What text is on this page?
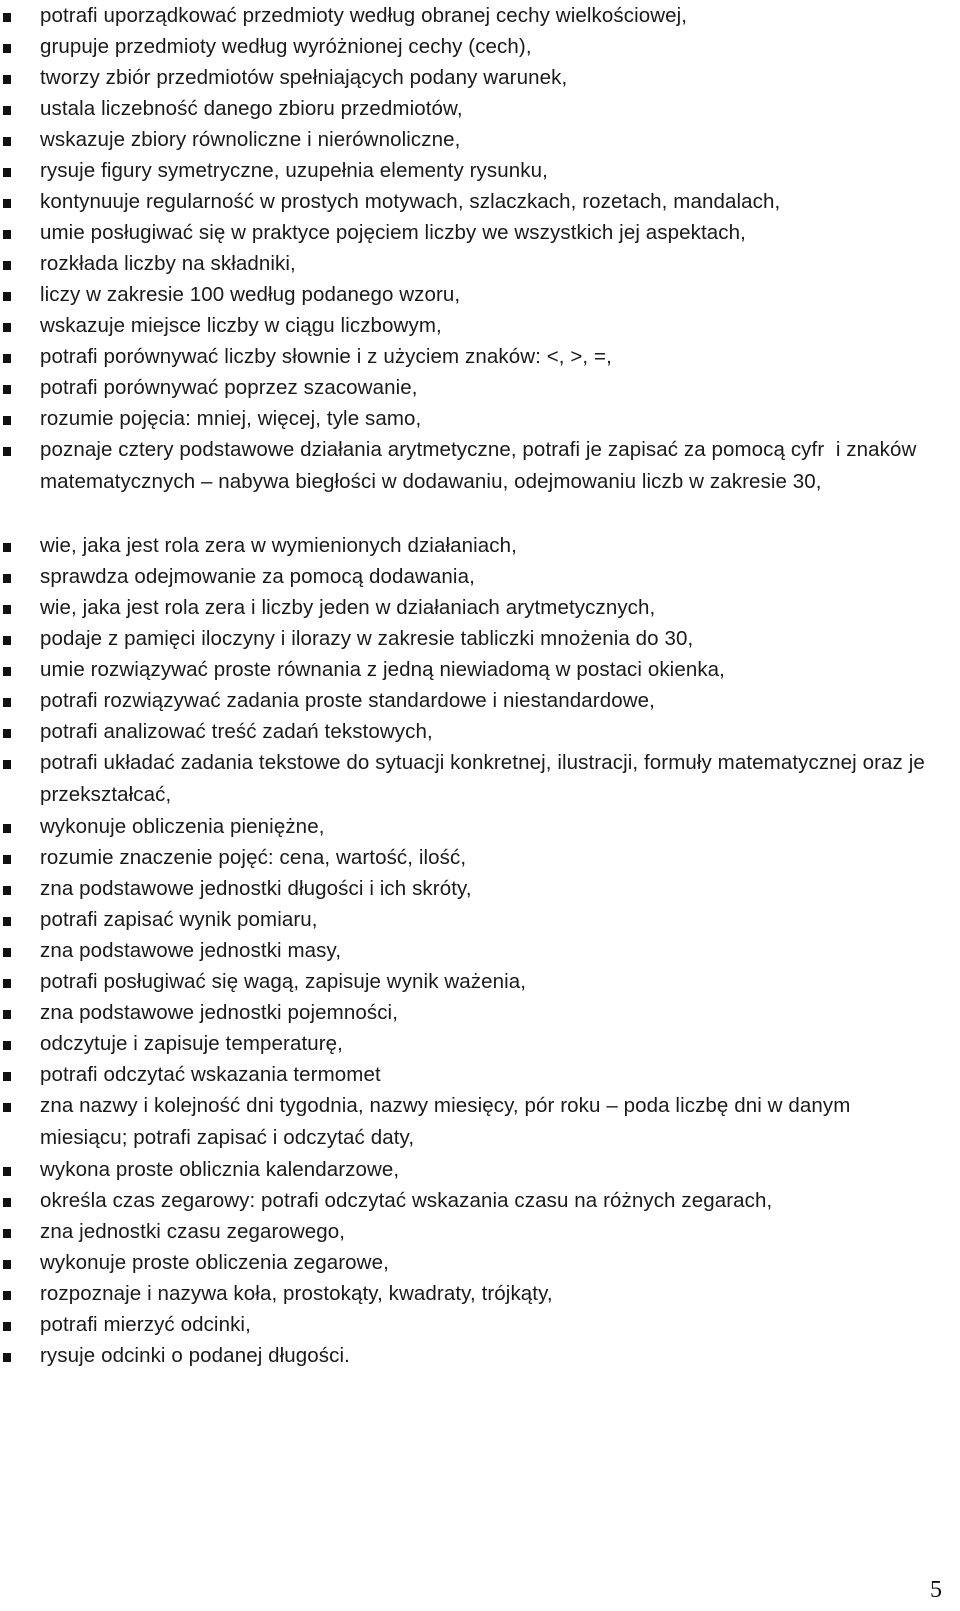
potrafi uporządkować przedmioty według obranej cechy wielkościowej,
grupuje przedmioty według wyróżnionej cechy (cech),
tworzy zbiór przedmiotów spełniających podany warunek,
ustala liczebność danego zbioru przedmiotów,
wskazuje zbiory równoliczne i nierównoliczne,
rysuje figury symetryczne, uzupełnia elementy rysunku,
kontynuuje regularność w prostych motywach, szlaczkach, rozetach, mandalach,
umie posługiwać się w praktyce pojęciem liczby we wszystkich jej aspektach,
rozkłada liczby na składniki,
liczy w zakresie 100 według podanego wzoru,
wskazuje miejsce liczby w ciągu liczbowym,
potrafi porównywać liczby słownie i z użyciem znaków: <, >, =,
potrafi porównywać poprzez szacowanie,
rozumie pojęcia: mniej, więcej, tyle samo,
poznaje cztery podstawowe działania arytmetyczne, potrafi je zapisać za pomocą cyfr  i znaków matematycznych – nabywa biegłości w dodawaniu, odejmowaniu liczb w zakresie 30,
wie, jaka jest rola zera w wymienionych działaniach,
sprawdza odejmowanie za pomocą dodawania,
wie, jaka jest rola zera i liczby jeden w działaniach arytmetycznych,
podaje z pamięci iloczyny i ilorazy w zakresie tabliczki mnożenia do 30,
umie rozwiązywać proste równania z jedną niewiadomą w postaci okienka,
potrafi rozwiązywać zadania proste standardowe i niestandardowe,
potrafi analizować treść zadań tekstowych,
potrafi układać zadania tekstowe do sytuacji konkretnej, ilustracji, formuły matematycznej oraz je przekształcać,
wykonuje obliczenia pieniężne,
rozumie znaczenie pojęć: cena, wartość, ilość,
zna podstawowe jednostki długości i ich skróty,
potrafi zapisać wynik pomiaru,
zna podstawowe jednostki masy,
potrafi posługiwać się wagą, zapisuje wynik ważenia,
zna podstawowe jednostki pojemności,
odczytuje i zapisuje temperaturę,
potrafi odczytać wskazania termomet
zna nazwy i kolejność dni tygodnia, nazwy miesięcy, pór roku – poda liczbę dni w danym miesiącu; potrafi zapisać i odczytać daty,
wykona proste oblicznia kalendarzowe,
określa czas zegarowy: potrafi odczytać wskazania czasu na różnych zegarach,
zna jednostki czasu zegarowego,
wykonuje proste obliczenia zegarowe,
rozpoznaje i nazywa koła, prostokąty, kwadraty, trójkąty,
potrafi mierzyć odcinki,
rysuje odcinki o podanej długości.
5
